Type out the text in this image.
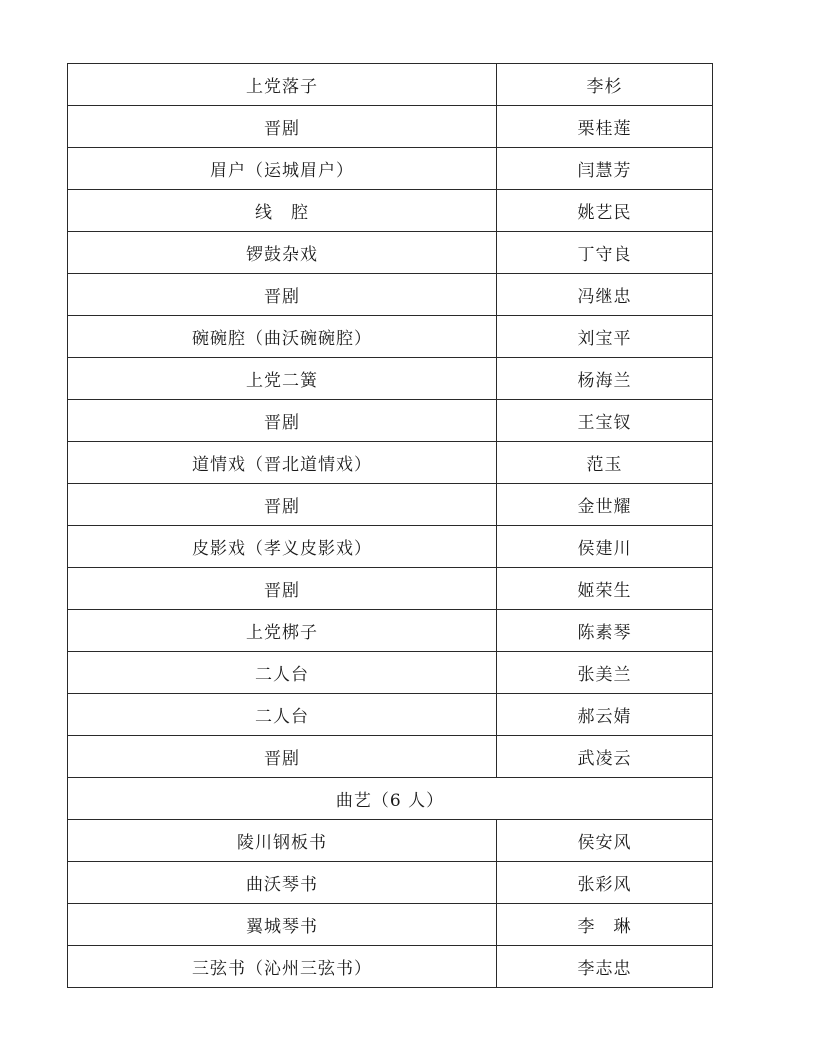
上党落子	李杉
晋剧	栗桂莲
眉户（运城眉户）	闫慧芳
线　腔	姚艺民
锣鼓杂戏	丁守良
晋剧	冯继忠
碗碗腔（曲沃碗碗腔）	刘宝平
上党二簧	杨海兰
晋剧	王宝钗
道情戏（晋北道情戏）	范玉
晋剧	金世耀
皮影戏（孝义皮影戏）	侯建川
晋剧	姬荣生
上党梆子	陈素琴
二人台	张美兰
二人台	郝云婧
晋剧	武凌云
曲艺（6 人）	
陵川钢板书	侯安风
曲沃琴书	张彩风
翼城琴书	李　琳
三弦书（沁州三弦书）	李志忠
